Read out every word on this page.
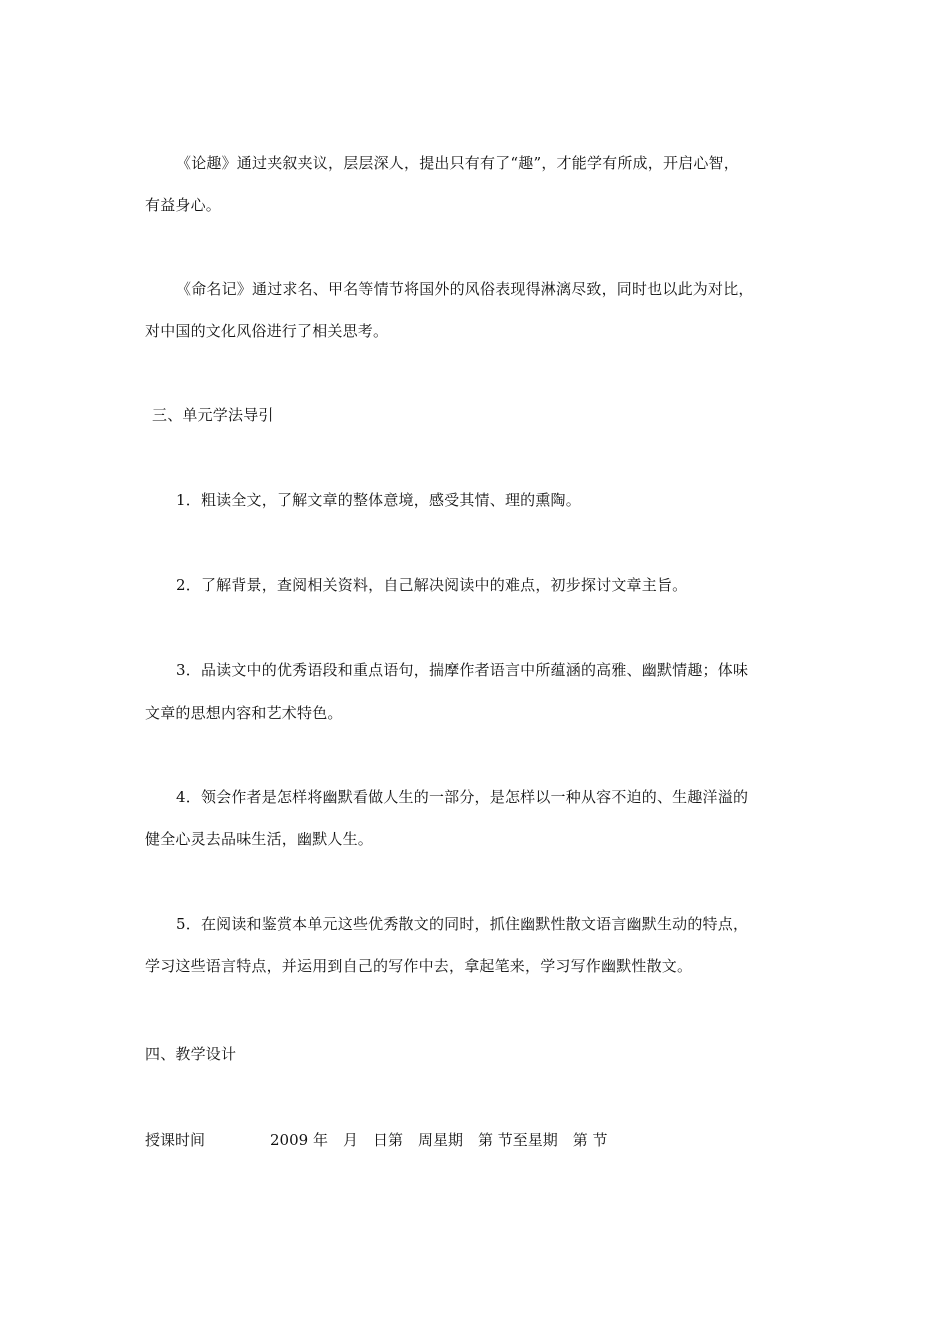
《论趣》通过夹叙夹议，层层深人，提出只有有了“趣”，才能学有所成，开启心智，
有益身心。
《命名记》通过求名、甲名等情节将国外的风俗表现得淋漓尽致，同时也以此为对比，
对中国的文化风俗进行了相关思考。
三、单元学法导引
1．粗读全文，了解文章的整体意境，感受其情、理的熏陶。
2．了解背景，查阅相关资料，自己解决阅读中的难点，初步探讨文章主旨。
3．品读文中的优秀语段和重点语句，揣摩作者语言中所蕴涵的高雅、幽默情趣；体味
文章的思想内容和艺术特色。
4．领会作者是怎样将幽默看做人生的一部分，是怎样以一种从容不迫的、生趣洋溢的
健全心灵去品味生活，幽默人生。
5．在阅读和鉴赏本单元这些优秀散文的同时，抓住幽默性散文语言幽默生动的特点，
学习这些语言特点，并运用到自己的写作中去，拿起笔来，学习写作幽默性散文。
四、教学设计
授课时间	2009 年　月　日第　周星期　第 节至星期　第 节
